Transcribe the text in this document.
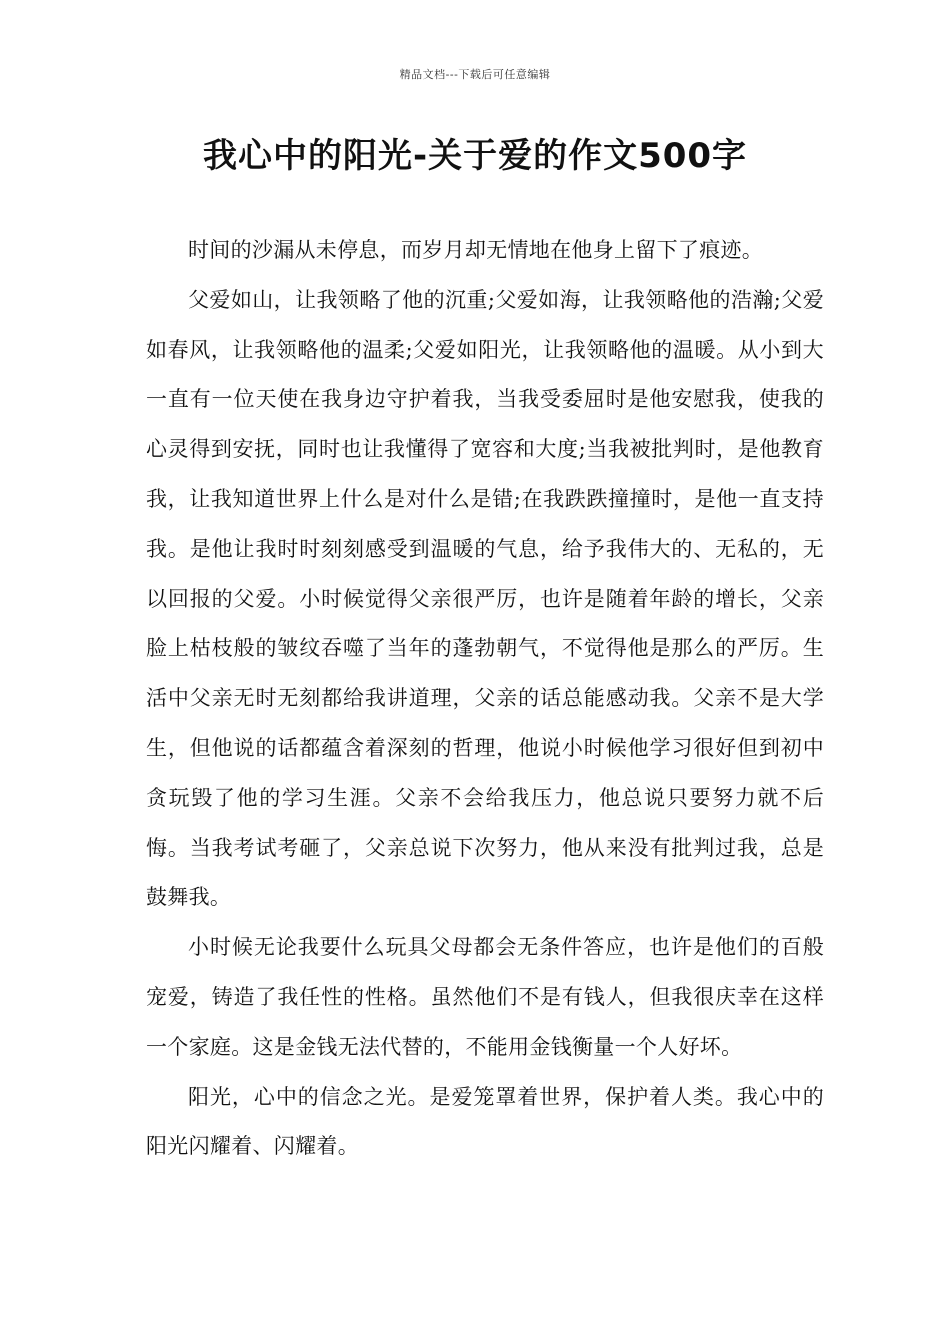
精品文档---下载后可任意编辑
我心中的阳光-关于爱的作文500字

时间的沙漏从未停息，而岁月却无情地在他身上留下了痕迹。

父爱如山，让我领略了他的沉重;父爱如海，让我领略他的浩瀚;父爱如春风，让我领略他的温柔;父爱如阳光，让我领略他的温暖。从小到大一直有一位天使在我身边守护着我，当我受委屈时是他安慰我，使我的心灵得到安抚，同时也让我懂得了宽容和大度;当我被批判时，是他教育我，让我知道世界上什么是对什么是错;在我跌跌撞撞时，是他一直支持我。是他让我时时刻刻感受到温暖的气息，给予我伟大的、无私的，无以回报的父爱。小时候觉得父亲很严厉，也许是随着年龄的增长，父亲脸上枯枝般的皱纹吞噬了当年的蓬勃朝气，不觉得他是那么的严厉。生活中父亲无时无刻都给我讲道理，父亲的话总能感动我。父亲不是大学生，但他说的话都蕴含着深刻的哲理，他说小时候他学习很好但到初中贪玩毁了他的学习生涯。父亲不会给我压力，他总说只要努力就不后悔。当我考试考砸了，父亲总说下次努力，他从来没有批判过我，总是鼓舞我。

小时候无论我要什么玩具父母都会无条件答应，也许是他们的百般宠爱，铸造了我任性的性格。虽然他们不是有钱人，但我很庆幸在这样一个家庭。这是金钱无法代替的，不能用金钱衡量一个人好坏。

阳光，心中的信念之光。是爱笼罩着世界，保护着人类。我心中的阳光闪耀着、闪耀着。
